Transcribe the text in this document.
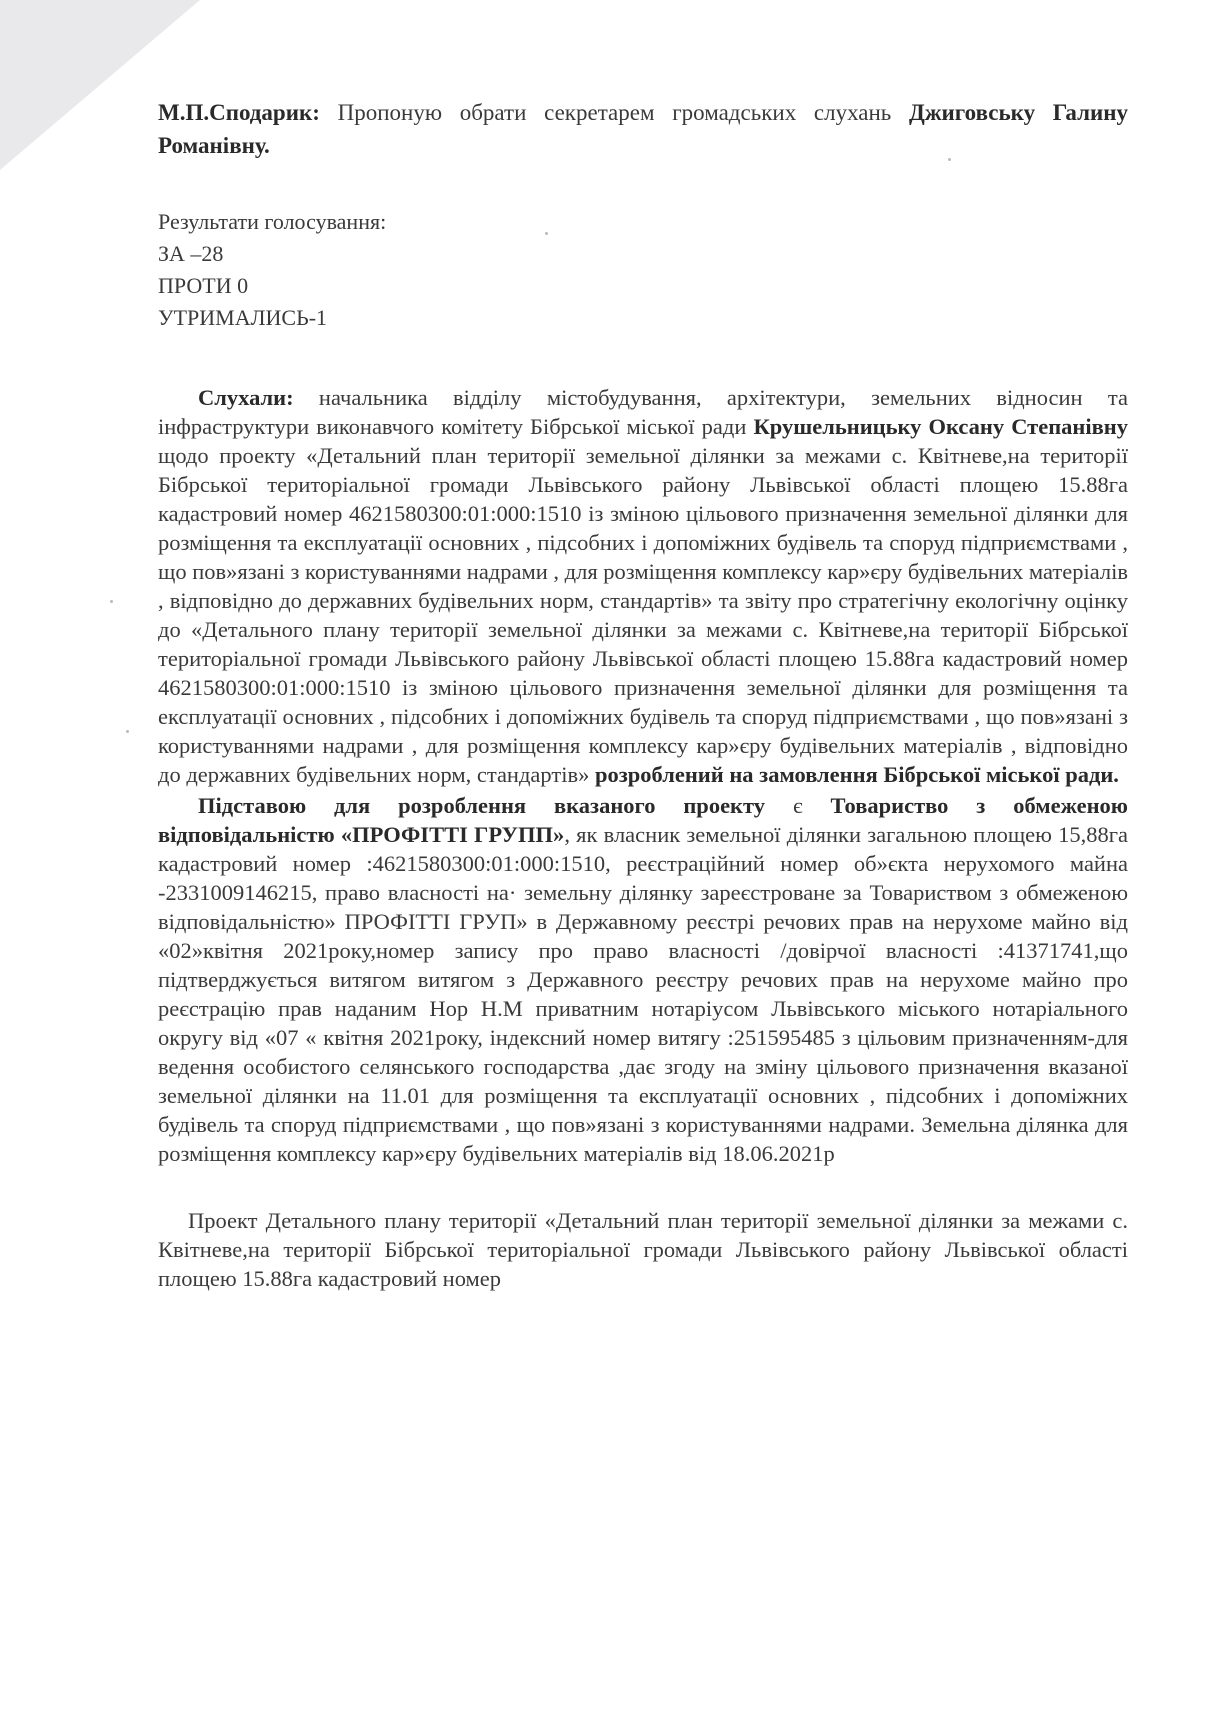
М.П.Сподарик: Пропоную обрати секретарем громадських слухань Джиговську Галину Романівну.

Результати голосування:
ЗА –28
ПРОТИ 0
УТРИМАЛИСЬ-1

Слухали: начальника відділу містобудування, архітектури, земельних відносин та інфраструктури виконавчого комітету Бібрської міської ради Крушельницьку Оксану Степанівну щодо проекту «Детальний план території земельної ділянки за межами с. Квітневе,на території Бібрської територіальної громади Львівського району Львівської області площею 15.88га кадастровий номер 4621580300:01:000:1510 із зміною цільового призначення земельної ділянки для розміщення та експлуатації основних , підсобних і допоміжних будівель та споруд підприємствами , що пов»язані з користуваннями надрами , для розміщення комплексу кар»єру будівельних матеріалів , відповідно до державних будівельних норм, стандартів» та звіту про стратегічну екологічну оцінку до «Детального плану території земельної ділянки за межами с. Квітневе,на території Бібрської територіальної громади Львівського району Львівської області площею 15.88га кадастровий номер 4621580300:01:000:1510 із зміною цільового призначення земельної ділянки для розміщення та експлуатації основних , підсобних і допоміжних будівель та споруд підприємствами , що пов»язані з користуваннями надрами , для розміщення комплексу кар»єру будівельних матеріалів , відповідно до державних будівельних норм, стандартів» розроблений на замовлення Бібрської міської ради.

Підставою для розроблення вказаного проекту є Товариство з обмеженою відповідальністю «ПРОФІТТІ ГРУПП», як власник земельної ділянки загальною площею 15,88га кадастровий номер :4621580300:01:000:1510, реєстраційний номер об»єкта нерухомого майна -2331009146215, право власності на· земельну ділянку зареєстроване за Товариством з обмеженою відповідальністю» ПРОФІТТІ ГРУП» в Державному реєстрі речових прав на нерухоме майно від «02»квітня 2021року,номер запису про право власності /довірчої власності :41371741,що підтверджується витягом витягом з Державного реєстру речових прав на нерухоме майно про реєстрацію прав наданим Нор Н.М приватним нотаріусом Львівського міського нотаріального округу від «07 « квітня 2021року, індексний номер витягу :251595485 з цільовим призначенням-для ведення особистого селянського господарства ,дає згоду на зміну цільового призначення вказаної земельної ділянки на 11.01 для розміщення та експлуатації основних , підсобних і допоміжних будівель та споруд підприємствами , що пов»язані з користуваннями надрами. Земельна ділянка для розміщення комплексу кар»єру будівельних матеріалів від 18.06.2021р

Проект Детального плану території «Детальний план території земельної ділянки за межами с. Квітневе,на території Бібрської територіальної громади Львівського району Львівської області площею 15.88га кадастровий номер
